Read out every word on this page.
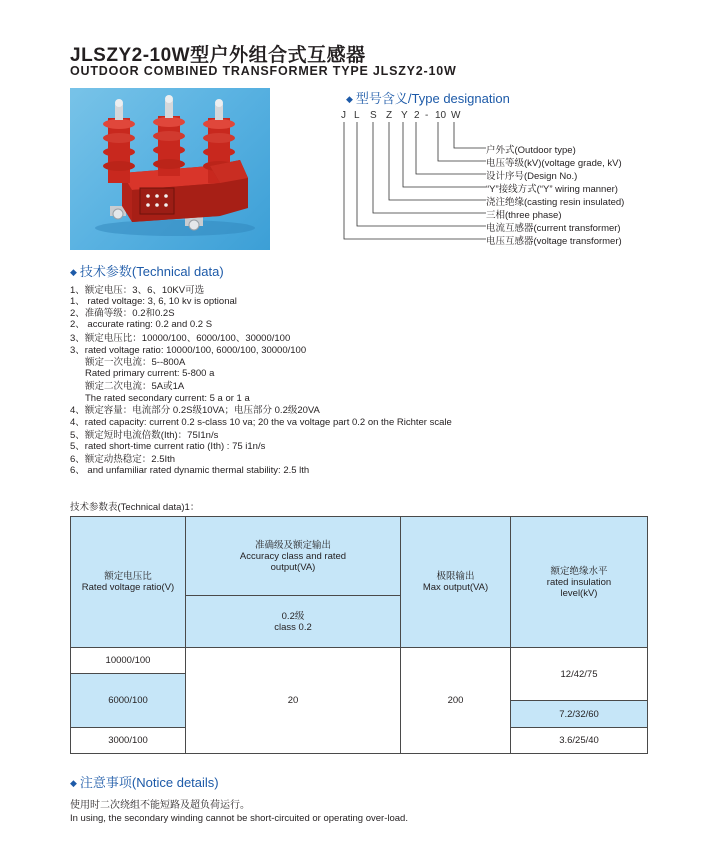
JLSZY2-10W型户外组合式互感器
OUTDOOR COMBINED TRANSFORMER TYPE JLSZY2-10W
◆ 型号含义/Type designation
J L S Z Y 2 - 10 W
户外式(Outdoor type)
电压等级(kV)(voltage grade, kV)
设计序号(Design No.)
“Y”接线方式(“Y” wiring manner)
浇注绝缘(casting resin insulated)
三相(three phase)
电流互感器(current transformer)
电压互感器(voltage transformer)
◆ 技术参数(Technical data)
1、额定电压：3、6、10KV可选
1、 rated voltage: 3, 6, 10 kv is optional
2、准确等级：0.2和0.2S
2、 accurate rating: 0.2 and 0.2 S
3、额定电压比：10000/100、6000/100、30000/100
3、rated voltage ratio: 10000/100, 6000/100, 30000/100
额定一次电流：5--800A
Rated primary current: 5-800 a
额定二次电流：5A或1A
The rated secondary current: 5 a or 1 a
4、额定容量：电流部分 0.2S级10VA；电压部分 0.2级20VA
4、rated capacity: current 0.2 s-class 10 va; 20 the va voltage part 0.2 on the Richter scale
5、额定短时电流倍数(Ith)：75I1n/s
5、rated short-time current ratio (Ith) : 75 i1n/s
6、额定动热稳定：2.5Ith
6、 and unfamiliar rated dynamic thermal stability: 2.5 lth
技术参数表(Technical data)1：
额定电压比
Rated voltage ratio(V)
准确级及额定输出
Accuracy class and rated
output(VA)
0.2级
class 0.2
极限输出
Max output(VA)
额定绝缘水平
rated insulation
level(kV)
10000/100
6000/100
3000/100
20	200
12/42/75
7.2/32/60
3.6/25/40
◆ 注意事项(Notice details)
使用时二次绕组不能短路及超负荷运行。
In using, the secondary winding cannot be short-circuited or operating over-load.
